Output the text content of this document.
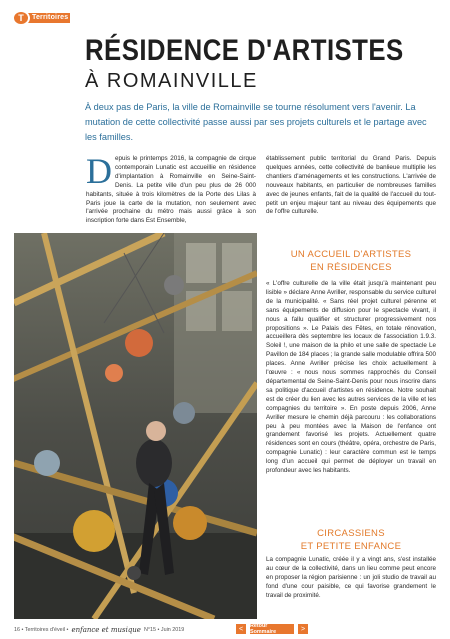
T	Territoires
RÉSIDENCE D'ARTISTES
À ROMAINVILLE
À deux pas de Paris, la ville de Romainville se tourne résolument vers l'avenir. La mutation de cette collectivité passe aussi par ses projets culturels et le partage avec les familles.
D epuis le printemps 2016, la compagnie de cirque contemporain Lunatic est accueillie en résidence d'implantation à Romainville en Seine-Saint-Denis. La petite ville d'un peu plus de 26 000 habitants, située à trois kilomètres de la Porte des Lilas à Paris joue la carte de la mutation, non seulement avec l'arrivée prochaine du métro mais aussi grâce à son inscription forte dans Est Ensemble,
établissement public territorial du Grand Paris. Depuis quelques années, cette collectivité de banlieue multiplie les chantiers d'aménagements et les constructions. L'arrivée de nouveaux habitants, en particulier de nombreuses familles avec de jeunes enfants, fait de la qualité de l'accueil du tout-petit un enjeu majeur tant au niveau des équipements que de l'offre culturelle.
UN ACCUEIL D'ARTISTES
EN RÉSIDENCES
« L'offre culturelle de la ville était jusqu'à maintenant peu lisible » déclare Anne Avriller, responsable du service culturel de la municipalité. « Sans réel projet culturel pérenne et sans équipements de diffusion pour le spectacle vivant, il nous a fallu qualifier et structurer progressivement nos propositions ». Le Palais des Fêtes, en totale rénovation, accueillera dès septembre les locaux de l'association 1.9.3. Soleil !, une maison de la philo et une salle de spectacle Le Pavillon de 184 places ; la grande salle modulable offrira 500 places. Anne Avriller précise les choix actuellement à l'œuvre : « nous nous sommes rapprochés du Conseil départemental de Seine-Saint-Denis pour nous inscrire dans sa politique d'accueil d'artistes en résidence. Notre souhait est de créer du lien avec les autres services de la ville et les compagnies du territoire ». En poste depuis 2006, Anne Avriller mesure le chemin déjà parcouru : les collaborations peu à peu montées avec la Maison de l'enfance ont grandement favorisé les projets. Actuellement quatre résidences sont en cours (théâtre, opéra, orchestre de Paris, compagnie Lunatic) : leur caractère commun est le temps long d'un accueil qui permet de déployer un travail en profondeur avec les habitants.
CIRCASSIENS
ET PETITE ENFANCE
La compagnie Lunatic, créée il y a vingt ans, s'est installée au cœur de la collectivité, dans un lieu comme peut encore en proposer la région parisienne : un joli studio de travail au fond d'une cour paisible, ce qui favorise grandement le travail de proximité.
16 • Territoires d'éveil • enfance et musique N°15 • Juin 2019	<	Retour Sommaire	>
